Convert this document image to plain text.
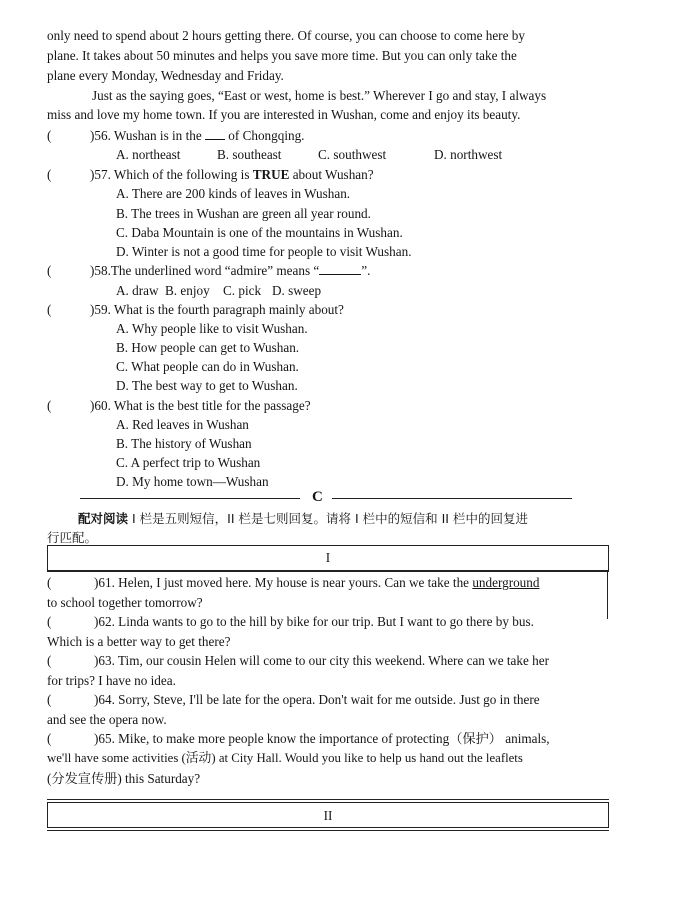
only need to spend about 2 hours getting there. Of course, you can choose to come here by
plane. It takes about 50 minutes and helps you save more time. But you can only take the
plane every Monday, Wednesday and Friday.
Just as the saying goes, “East or west, home is best.” Wherever I go and stay, I always
miss and love my home town. If you are interested in Wushan, come and enjoy its beauty.
(	)56. Wushan is in the  of Chongqing.
A. northeast	B. southeast	C. southwest	D. northwest
(	)57. Which of the following is TRUE about Wushan?
A. There are 200 kinds of leaves in Wushan.
B. The trees in Wushan are green all year round.
C. Daba Mountain is one of the mountains in Wushan.
D. Winter is not a good time for people to visit Wushan.
(	)58.The underlined word “admire” means “	”.
A. draw B. enjoy C. pick D. sweep
(	)59. What is the fourth paragraph mainly about?
A. Why people like to visit Wushan.
B. How people can get to Wushan.
C. What people can do in Wushan.
D. The best way to get to Wushan.
(	)60. What is the best title for the passage?
A. Red leaves in Wushan
B. The history of Wushan
C. A perfect trip to Wushan
D. My home town—Wushan
C
配对阅读 I 栏是五则短信，II 栏是七则回复。请将 I 栏中的短信和 II 栏中的回复进
行匹配。
I
(	)61. Helen, I just moved here. My house is near yours. Can we take the underground
to school together tomorrow?
(	)62. Linda wants to go to the hill by bike for our trip. But I want to go there by bus.
Which is a better way to get there?
(	)63. Tim, our cousin Helen will come to our city this weekend. Where can we take her
for trips? I have no idea.
(	)64. Sorry, Steve, I'll be late for the opera. Don't wait for me outside. Just go in there
and see the opera now.
(	)65. Mike, to make more people know the importance of protecting（保护） animals,
we'll have some activities (活动) at City Hall. Would you like to help us hand out the leaflets
(分发宣传册) this Saturday?
II
